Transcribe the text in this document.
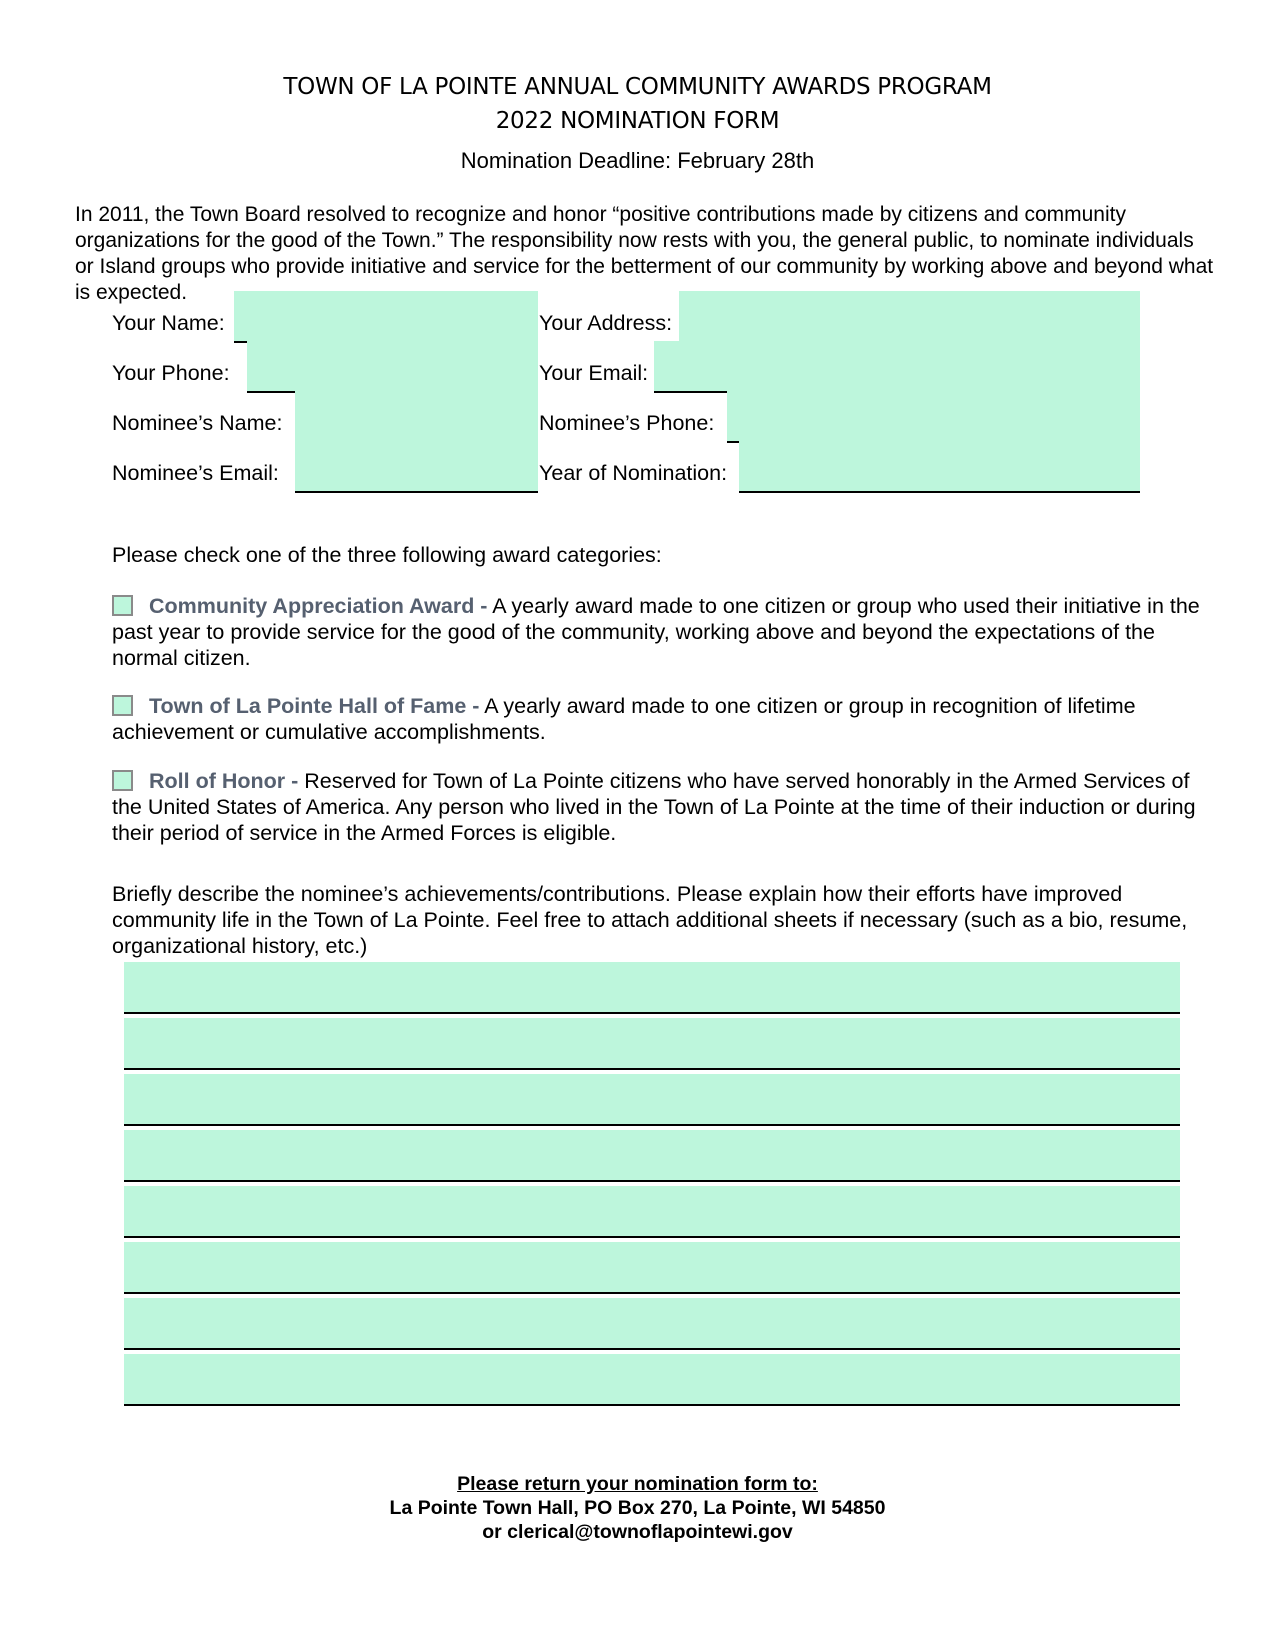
TOWN OF LA POINTE ANNUAL COMMUNITY AWARDS PROGRAM
2022 NOMINATION FORM
Nomination Deadline: February 28th
In 2011, the Town Board resolved to recognize and honor “positive contributions made by citizens and community organizations for the good of the Town.” The responsibility now rests with you, the general public, to nominate individuals or Island groups who provide initiative and service for the betterment of our community by working above and beyond what is expected.
Your Name:	Your Address:
Your Phone:	Your Email:
Nominee’s Name:	Nominee’s Phone:
Nominee’s Email:	Year of Nomination:
Please check one of the three following award categories:
Community Appreciation Award - A yearly award made to one citizen or group who used their initiative in the past year to provide service for the good of the community, working above and beyond the expectations of the normal citizen.
Town of La Pointe Hall of Fame - A yearly award made to one citizen or group in recognition of lifetime achievement or cumulative accomplishments.
Roll of Honor - Reserved for Town of La Pointe citizens who have served honorably in the Armed Services of the United States of America. Any person who lived in the Town of La Pointe at the time of their induction or during their period of service in the Armed Forces is eligible.
Briefly describe the nominee’s achievements/contributions. Please explain how their efforts have improved community life in the Town of La Pointe. Feel free to attach additional sheets if necessary (such as a bio, resume, organizational history, etc.)
Please return your nomination form to:
La Pointe Town Hall, PO Box 270, La Pointe, WI 54850
or clerical@townoflapointewi.gov
